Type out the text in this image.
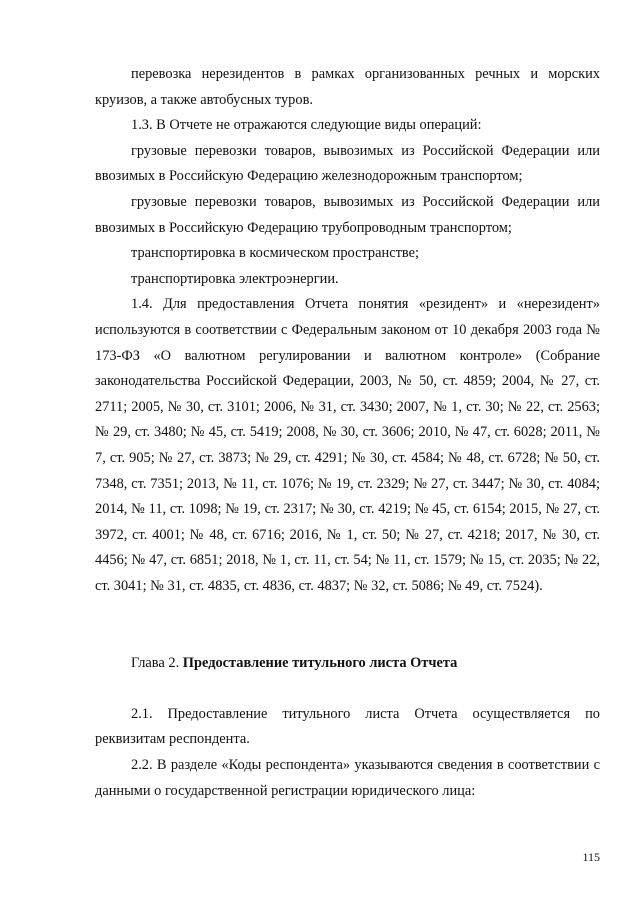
перевозка нерезидентов в рамках организованных речных и морских круизов, а также автобусных туров.

1.3. В Отчете не отражаются следующие виды операций:

грузовые перевозки товаров, вывозимых из Российской Федерации или ввозимых в Российскую Федерацию железнодорожным транспортом;

грузовые перевозки товаров, вывозимых из Российской Федерации или ввозимых в Российскую Федерацию трубопроводным транспортом;

транспортировка в космическом пространстве;

транспортировка электроэнергии.

1.4. Для предоставления Отчета понятия «резидент» и «нерезидент» используются в соответствии с Федеральным законом от 10 декабря 2003 года № 173-ФЗ «О валютном регулировании и валютном контроле» (Собрание законодательства Российской Федерации, 2003, № 50, ст. 4859; 2004, № 27, ст. 2711; 2005, № 30, ст. 3101; 2006, № 31, ст. 3430; 2007, № 1, ст. 30; № 22, ст. 2563; № 29, ст. 3480; № 45, ст. 5419; 2008, № 30, ст. 3606; 2010, № 47, ст. 6028; 2011, № 7, ст. 905; № 27, ст. 3873; № 29, ст. 4291; № 30, ст. 4584; № 48, ст. 6728; № 50, ст. 7348, ст. 7351; 2013, № 11, ст. 1076; № 19, ст. 2329; № 27, ст. 3447; № 30, ст. 4084; 2014, № 11, ст. 1098; № 19, ст. 2317; № 30, ст. 4219; № 45, ст. 6154; 2015, № 27, ст. 3972, ст. 4001; № 48, ст. 6716; 2016, № 1, ст. 50; № 27, ст. 4218; 2017, № 30, ст. 4456; № 47, ст. 6851; 2018, № 1, ст. 11, ст. 54; № 11, ст. 1579; № 15, ст. 2035; № 22, ст. 3041; № 31, ст. 4835, ст. 4836, ст. 4837; № 32, ст. 5086; № 49, ст. 7524).

Глава 2. Предоставление титульного листа Отчета

2.1. Предоставление титульного листа Отчета осуществляется по реквизитам респондента.

2.2. В разделе «Коды респондента» указываются сведения в соответствии с данными о государственной регистрации юридического лица:

115
